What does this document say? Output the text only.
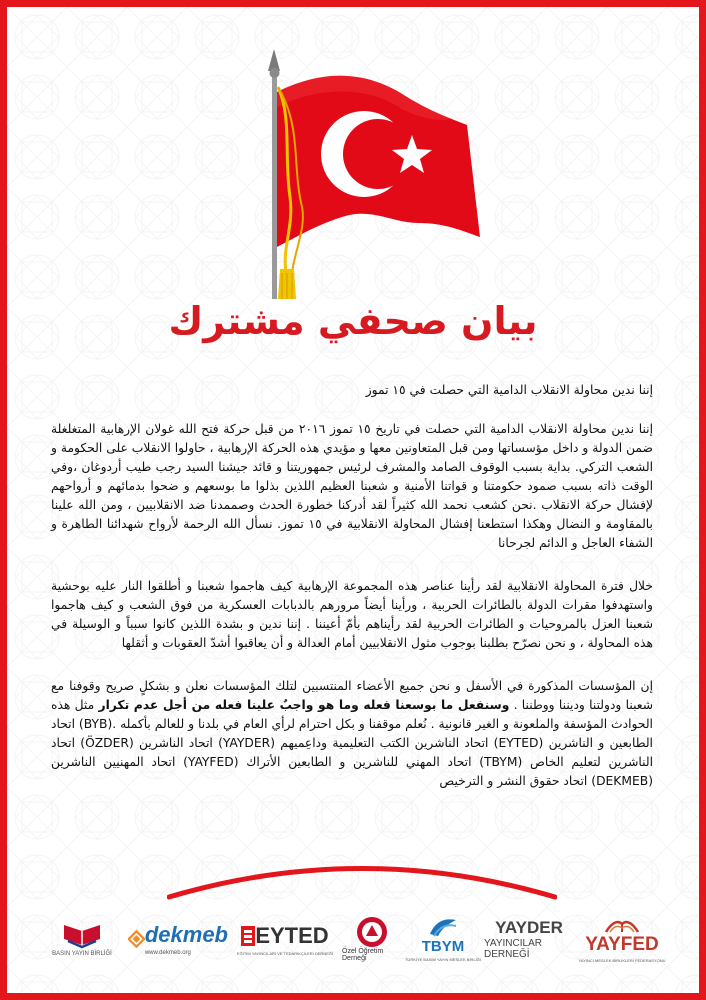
بيان صحفي مشترك

إننا ندين محاولة الانقلاب الدامية التي حصلت في ١٥ تموز

إننا ندين محاولة الانقلاب الدامية التي حصلت في تاريخ ١٥ تموز ٢٠١٦ من قبل حركة فتح الله غولان الإرهابية المتغلغلة ضمن الدولة و داخل مؤسساتها ومن قبل المتعاونين معها و مؤيدي هذه الحركة الإرهابية ، حاولوا الانقلاب على الحكومة و الشعب التركي. بداية بسبب الوقوف الصامد والمشرف لرئيس جمهوريتنا و قائد جيشنا السيد رجب طيب أردوغان ،وفي الوقت ذاته بسبب صمود حكومتنا و قواتنا الأمنية و شعبنا العظيم اللذين بذلوا ما بوسعهم و ضحوا بدمائهم و أرواحهم لإفشال حركة الانقلاب .نحن كشعب نحمد الله كثيراً لقد أدركنا خطورة الحدث وصممدنا ضد الانقلابيين ، ومن الله علينا بالمقاومة و النضال وهكذا استطعنا إفشال المحاولة الانقلابية في ١٥ تموز. نسأل الله الرحمة لأرواح شهدائنا الطاهرة و الشفاء العاجل و الدائم لجرحانا

خلال فترة المحاولة الانقلابية لقد رأينا عناصر هذه المجموعة الإرهابية كيف هاجموا شعبنا و أطلقوا النار عليه بوحشية واستهدفوا مقرات الدولة بالطائرات الحربية ، ورأينا أيضاً مرورهم بالدبابات العسكرية من فوق الشعب و كيف هاجموا شعبنا العزل بالمروحيات و الطائرات الحربية لقد رأيناهم بأمّ أعيننا . إننا ندين و بشدة اللذين كانوا سبباً و الوسيلة في هذه المحاولة ، و نحن نصرّح بطلبنا بوجوب مثول الانقلابيين أمام العدالة و أن يعاقبوا أشدّ العقوبات و أثقلها

إن المؤسسات المذكورة في الأسفل و نحن جميع الأعضاء المنتسبين لتلك المؤسسات نعلن و بشكلٍ صريح وقوفنا مع شعبنا ودولتنا وديننا ووطننا . وسنفعل ما بوسعنا فعله وما هو واجبٌ علينا فعله من أجل عدم تكرار مثل هذه الحوادث المؤسفة والملعونة و الغير قانونية . نُعلم موقفنا و بكل احترام لرأي العام في بلدنا و للعالم بأكمله .(BYB) اتحاد الطابعين و الناشرين (EYTED) اتحاد الناشرين الكتب التعليمية وداعِميهم (YAYDER) اتحاد الناشرين (ÖZDER) اتحاد الناشرين لتعليم الخاص (TBYM) اتحاد المهني للناشرين و الطابعين الأتراك (YAYFED) اتحاد المهنيين الناشرين (DEKMEB) اتحاد حقوق النشر و الترخيص

BASIN YAYIN BİRLİĞİ
dekmeb
www.dekmeb.org
EYTED
EĞİTİM YAYINCILARI VE TEDARİKÇİLERİ DERNEĞİ Özel Öğretim Derneği
TBYM
TÜRKİYE BASIM YAYIN MESLEK BİRLİĞİ
YAYDER
YAYINCILAR DERNEĞİ	YAYFED
YAYINCI MESLEK BİRLİKLERİ FEDERASYONU
